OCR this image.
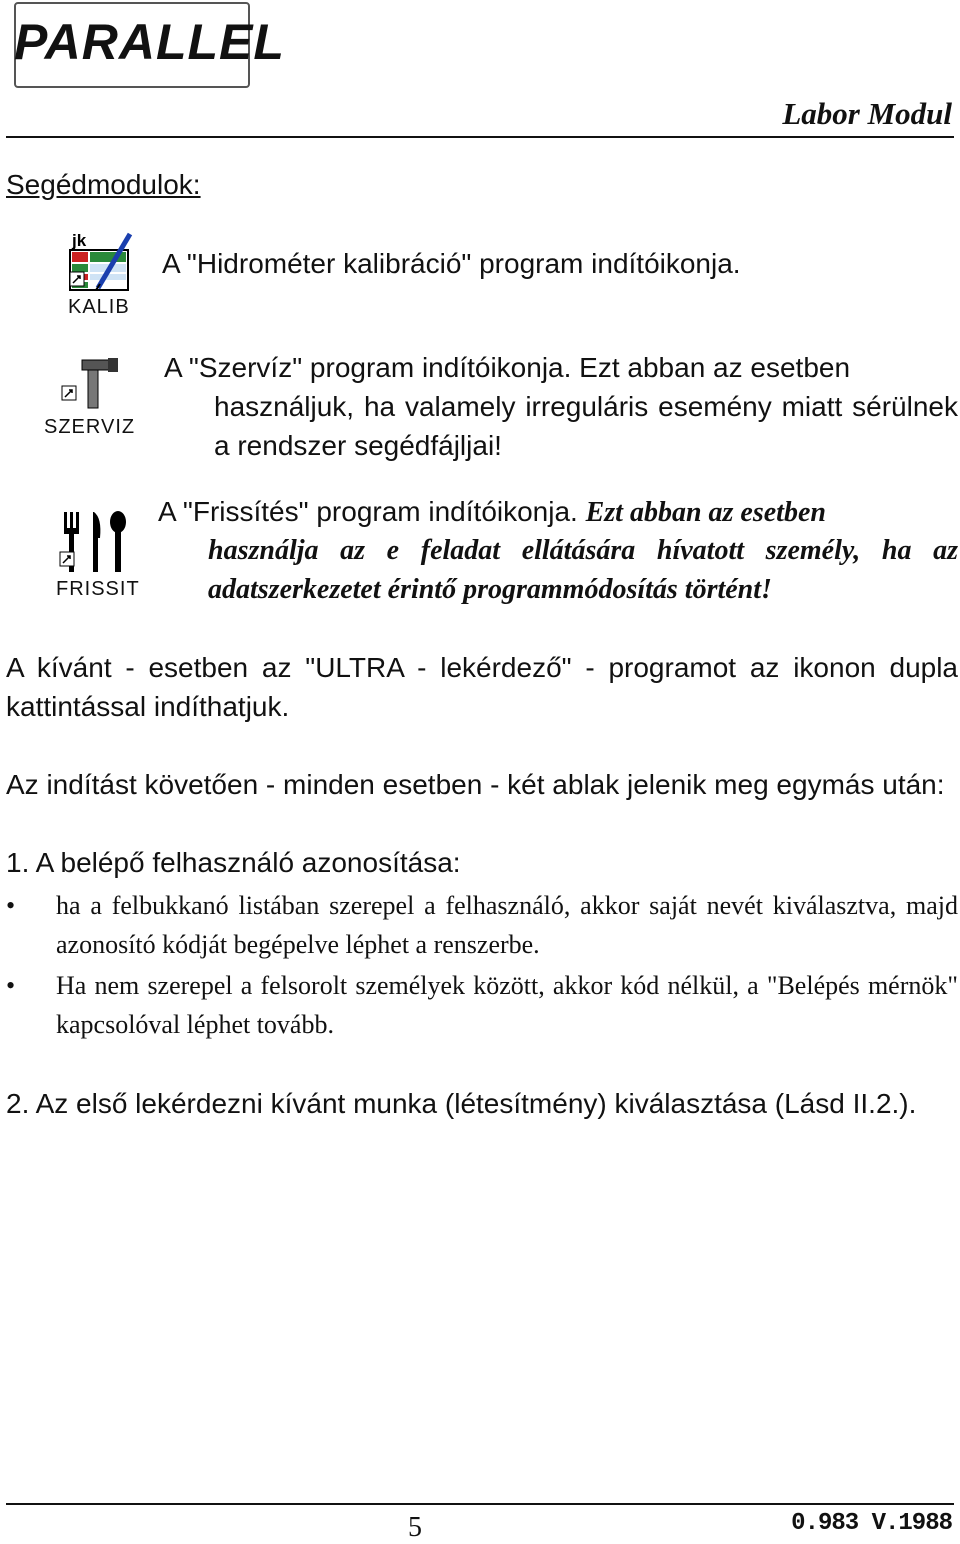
PARALLEL
Labor Modul
Segédmodulok:
jk
KALIB
A "Hidrométer kalibráció" program indítóikonja.
SZERVIZ
A "Szervíz" program indítóikonja. Ezt abban az esetben
használjuk, ha valamely irreguláris esemény miatt sérülnek a rendszer segédfájljai!
FRISSIT
A "Frissítés" program indítóikonja. Ezt abban az esetben
használja az e feladat ellátására hívatott személy, ha az adatszerkezetet érintő programmódosítás történt!
A kívánt - esetben az "ULTRA - lekérdező" - programot az ikonon dupla kattintással indíthatjuk.
Az indítást követően - minden esetben - két ablak jelenik meg egymás után:
1. A belépő felhasználó azonosítása:
•	ha a felbukkanó listában szerepel a felhasználó, akkor saját nevét kiválasztva, majd azonosító kódját begépelve léphet a renszerbe.
•	Ha nem szerepel a felsorolt személyek között, akkor kód nélkül, a "Belépés mérnök" kapcsolóval léphet tovább.
2. Az első lekérdezni kívánt munka (létesítmény) kiválasztása (Lásd II.2.).
5	0.983 V.1988
